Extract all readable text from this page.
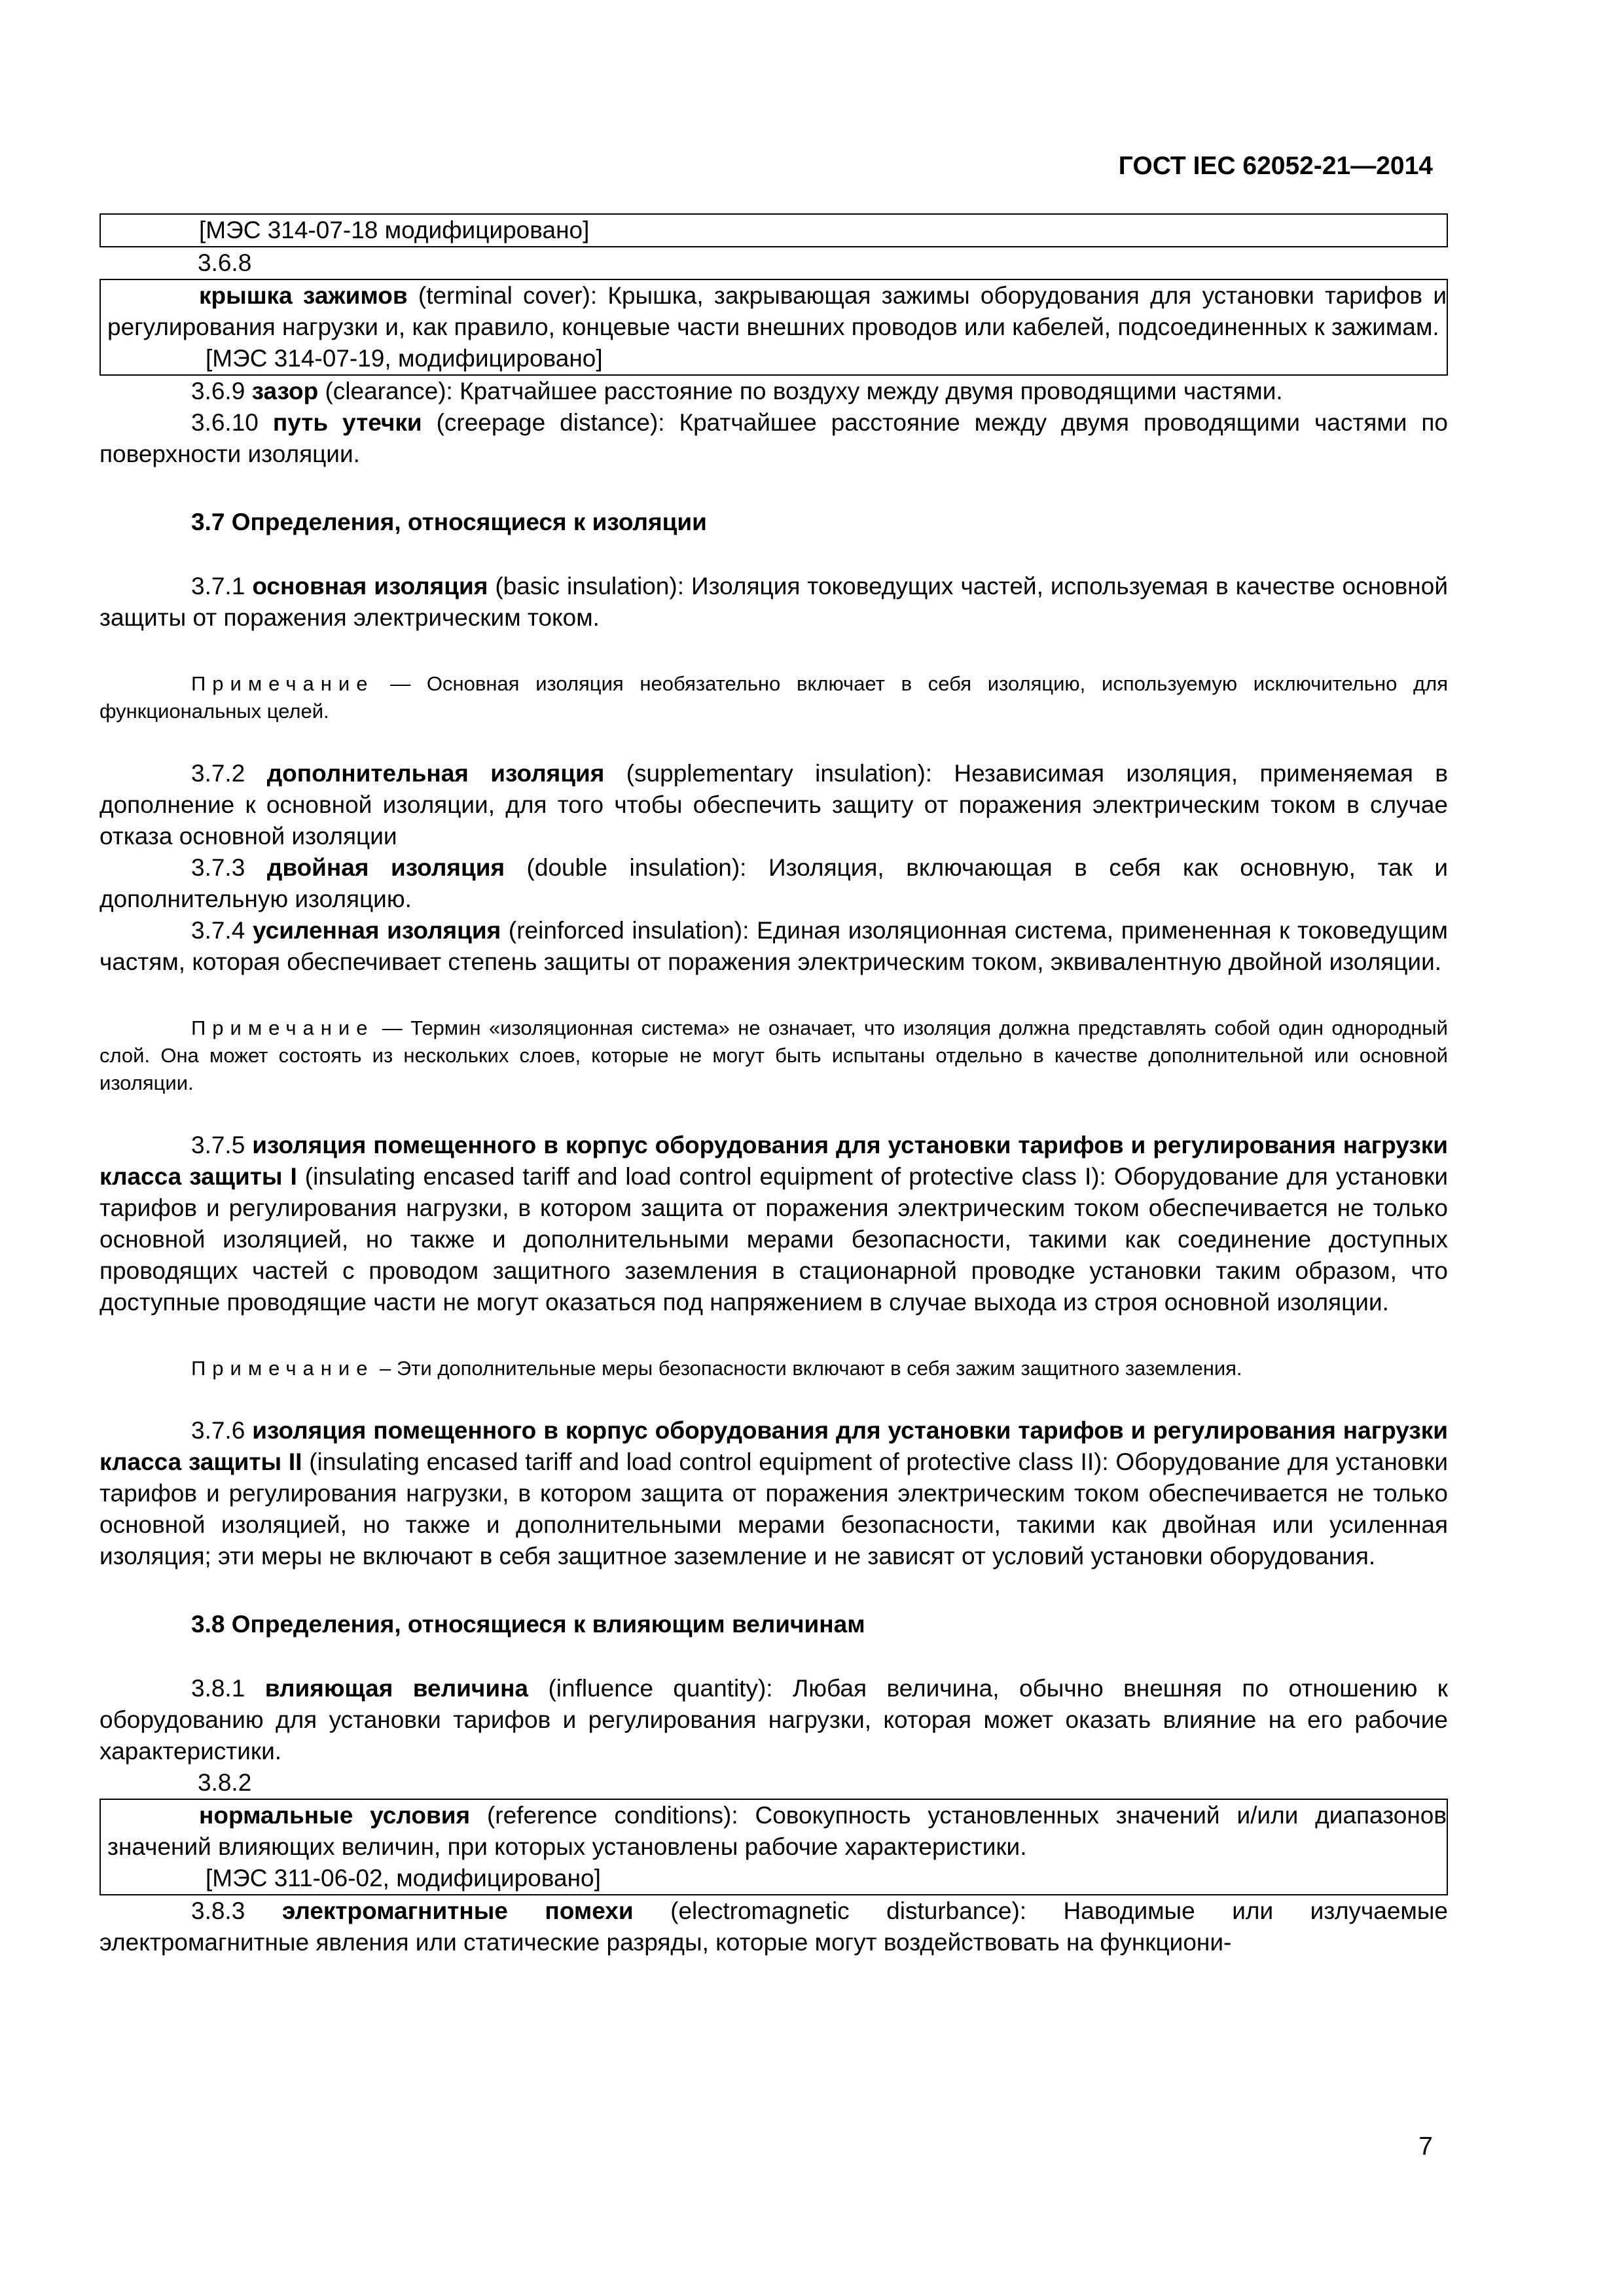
ГОСТ IEC 62052-21—2014

[МЭС 314-07-18 модифицировано]

3.6.8

крышка зажимов (terminal cover): Крышка, закрывающая зажимы оборудования для установки тарифов и регулирования нагрузки и, как правило, концевые части внешних проводов или кабелей, подсоединенных к зажимам.

[МЭС 314-07-19, модифицировано]

3.6.9 зазор (clearance): Кратчайшее расстояние по воздуху между двумя проводящими частями.

3.6.10 путь утечки (creepage distance): Кратчайшее расстояние между двумя проводящими частями по поверхности изоляции.

3.7 Определения, относящиеся к изоляции

3.7.1 основная изоляция (basic insulation): Изоляция токоведущих частей, используемая в качестве основной защиты от поражения электрическим током.

Примечание — Основная изоляция необязательно включает в себя изоляцию, используемую исключительно для функциональных целей.

3.7.2 дополнительная изоляция (supplementary insulation): Независимая изоляция, применяемая в дополнение к основной изоляции, для того чтобы обеспечить защиту от поражения электрическим током в случае отказа основной изоляции

3.7.3 двойная изоляция (double insulation): Изоляция, включающая в себя как основную, так и дополнительную изоляцию.

3.7.4 усиленная изоляция (reinforced insulation): Единая изоляционная система, примененная к токоведущим частям, которая обеспечивает степень защиты от поражения электрическим током, эквивалентную двойной изоляции.

Примечание — Термин «изоляционная система» не означает, что изоляция должна представлять собой один однородный слой. Она может состоять из нескольких слоев, которые не могут быть испытаны отдельно в качестве дополнительной или основной изоляции.

3.7.5 изоляция помещенного в корпус оборудования для установки тарифов и регулирования нагрузки класса защиты I (insulating encased tariff and load control equipment of protective class I): Оборудование для установки тарифов и регулирования нагрузки, в котором защита от поражения электрическим током обеспечивается не только основной изоляцией, но также и дополнительными мерами безопасности, такими как соединение доступных проводящих частей с проводом защитного заземления в стационарной проводке установки таким образом, что доступные проводящие части не могут оказаться под напряжением в случае выхода из строя основной изоляции.

Примечание – Эти дополнительные меры безопасности включают в себя зажим защитного заземления.

3.7.6 изоляция помещенного в корпус оборудования для установки тарифов и регулирования нагрузки класса защиты II (insulating encased tariff and load control equipment of protective class II): Оборудование для установки тарифов и регулирования нагрузки, в котором защита от поражения электрическим током обеспечивается не только основной изоляцией, но также и дополнительными мерами безопасности, такими как двойная или усиленная изоляция; эти меры не включают в себя защитное заземление и не зависят от условий установки оборудования.

3.8 Определения, относящиеся к влияющим величинам

3.8.1 влияющая величина (influence quantity): Любая величина, обычно внешняя по отношению к оборудованию для установки тарифов и регулирования нагрузки, которая может оказать влияние на его рабочие характеристики.

3.8.2

нормальные условия (reference conditions): Совокупность установленных значений и/или диапазонов значений влияющих величин, при которых установлены рабочие характеристики.

[МЭС 311-06-02, модифицировано]

3.8.3 электромагнитные помехи (electromagnetic disturbance): Наводимые или излучаемые электромагнитные явления или статические разряды, которые могут воздействовать на функциони-

7
